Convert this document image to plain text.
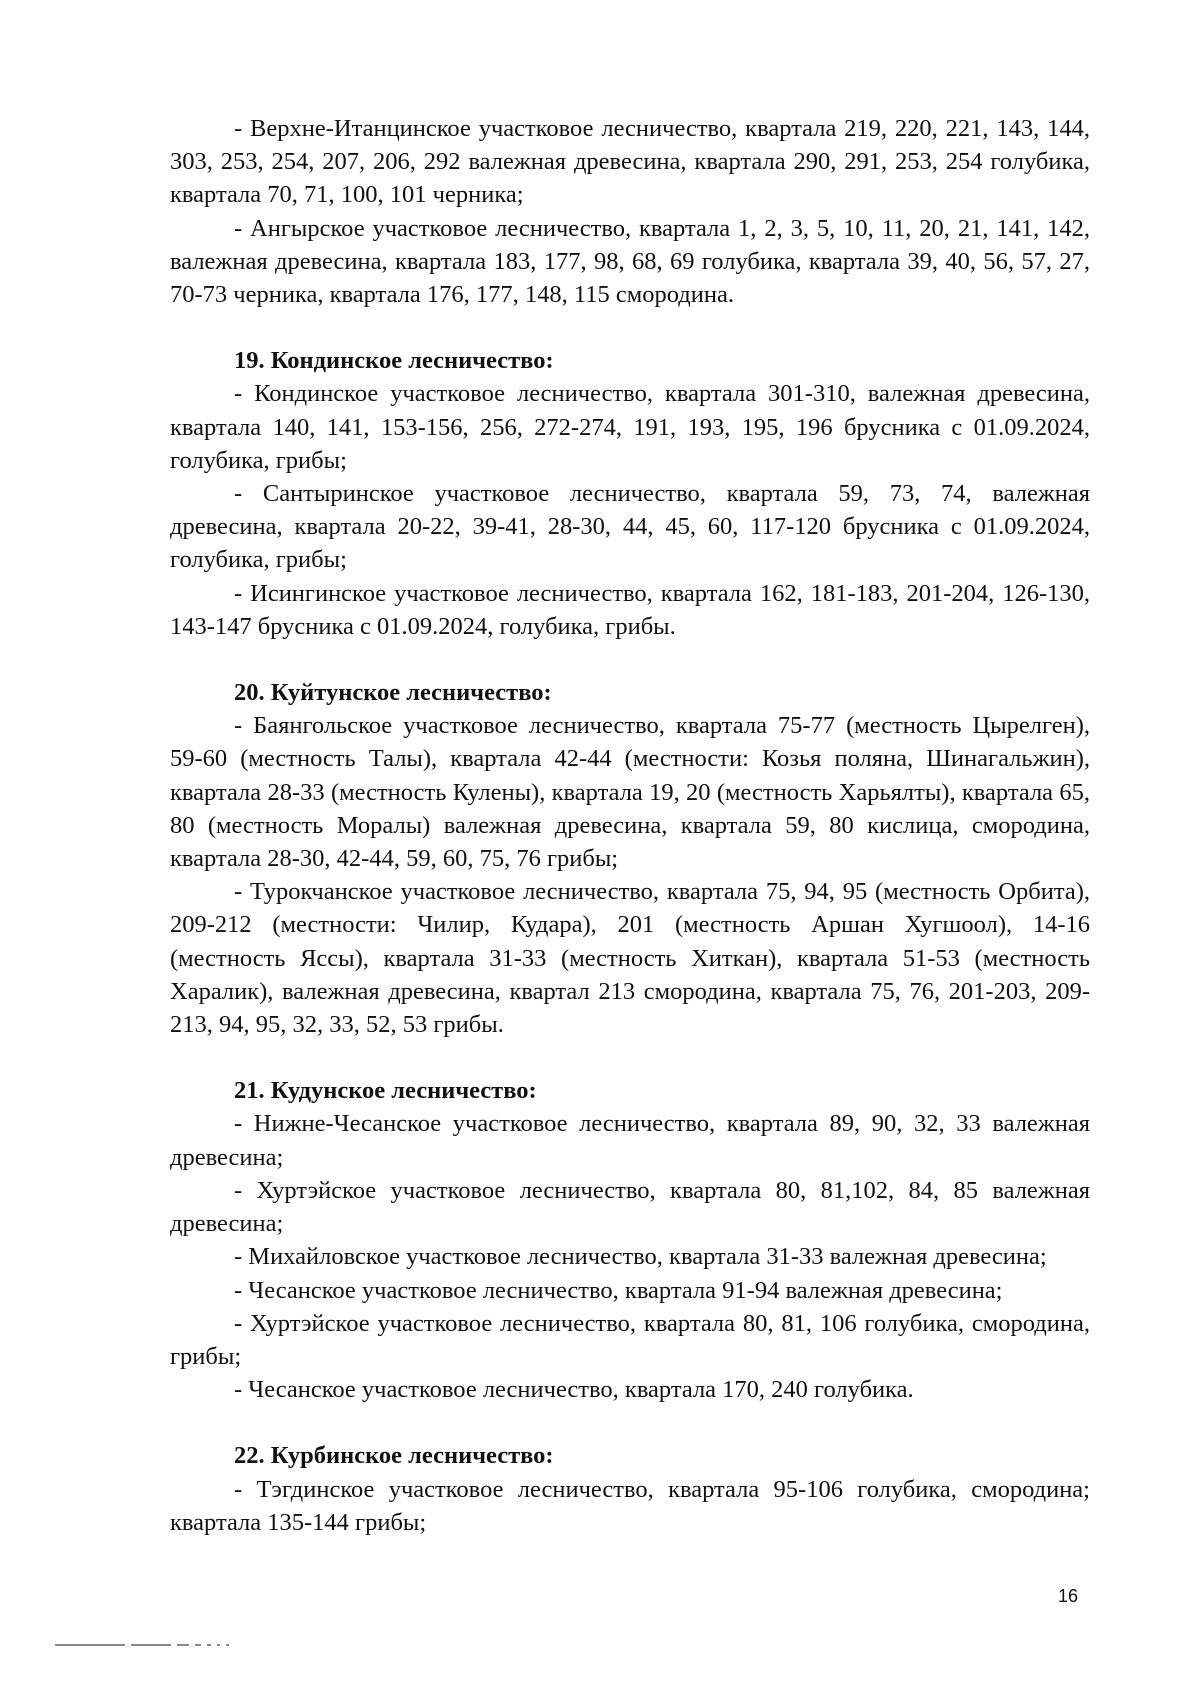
- Верхне-Итанцинское участковое лесничество, квартала 219, 220, 221, 143, 144, 303, 253, 254, 207, 206, 292 валежная древесина, квартала 290, 291, 253, 254 голубика, квартала 70, 71, 100, 101 черника;

- Ангырское участковое лесничество, квартала 1, 2, 3, 5, 10, 11, 20, 21, 141, 142, валежная древесина, квартала 183, 177, 98, 68, 69 голубика, квартала 39, 40, 56, 57, 27, 70-73 черника, квартала 176, 177, 148, 115 смородина.

19. Кондинское лесничество:

- Кондинское участковое лесничество, квартала 301-310, валежная древесина, квартала 140, 141, 153-156, 256, 272-274, 191, 193, 195, 196 брусника с 01.09.2024, голубика, грибы;

- Сантыринское участковое лесничество, квартала 59, 73, 74, валежная древесина, квартала 20-22, 39-41, 28-30, 44, 45, 60, 117-120 брусника с 01.09.2024, голубика, грибы;

- Исингинское участковое лесничество, квартала 162, 181-183, 201-204, 126-130, 143-147 брусника с 01.09.2024, голубика, грибы.

20. Куйтунское лесничество:

- Баянгольское участковое лесничество, квартала 75-77 (местность Цырелген), 59-60 (местность Талы), квартала 42-44 (местности: Козья поляна, Шинагальжин), квартала 28-33 (местность Кулены), квартала 19, 20 (местность Харьялты), квартала 65, 80 (местность Моралы) валежная древесина, квартала 59, 80 кислица, смородина, квартала 28-30, 42-44, 59, 60, 75, 76 грибы;

- Турокчанское участковое лесничество, квартала 75, 94, 95 (местность Орбита), 209-212 (местности: Чилир, Кудара), 201 (местность Аршан Хугшоол), 14-16 (местность Яссы), квартала 31-33 (местность Хиткан), квартала 51-53 (местность Харалик), валежная древесина, квартал 213 смородина, квартала 75, 76, 201-203, 209-213, 94, 95, 32, 33, 52, 53 грибы.

21. Кудунское лесничество:

- Нижне-Чесанское участковое лесничество, квартала 89, 90, 32, 33 валежная древесина;

- Хуртэйское участковое лесничество, квартала 80, 81,102, 84, 85 валежная древесина;

- Михайловское участковое лесничество, квартала 31-33 валежная древесина;

- Чесанское участковое лесничество, квартала 91-94 валежная древесина;

- Хуртэйское участковое лесничество, квартала 80, 81, 106 голубика, смородина, грибы;

- Чесанское участковое лесничество, квартала 170, 240 голубика.

22. Курбинское лесничество:

- Тэгдинское участковое лесничество, квартала 95-106 голубика, смородина; квартала 135-144 грибы;

16
